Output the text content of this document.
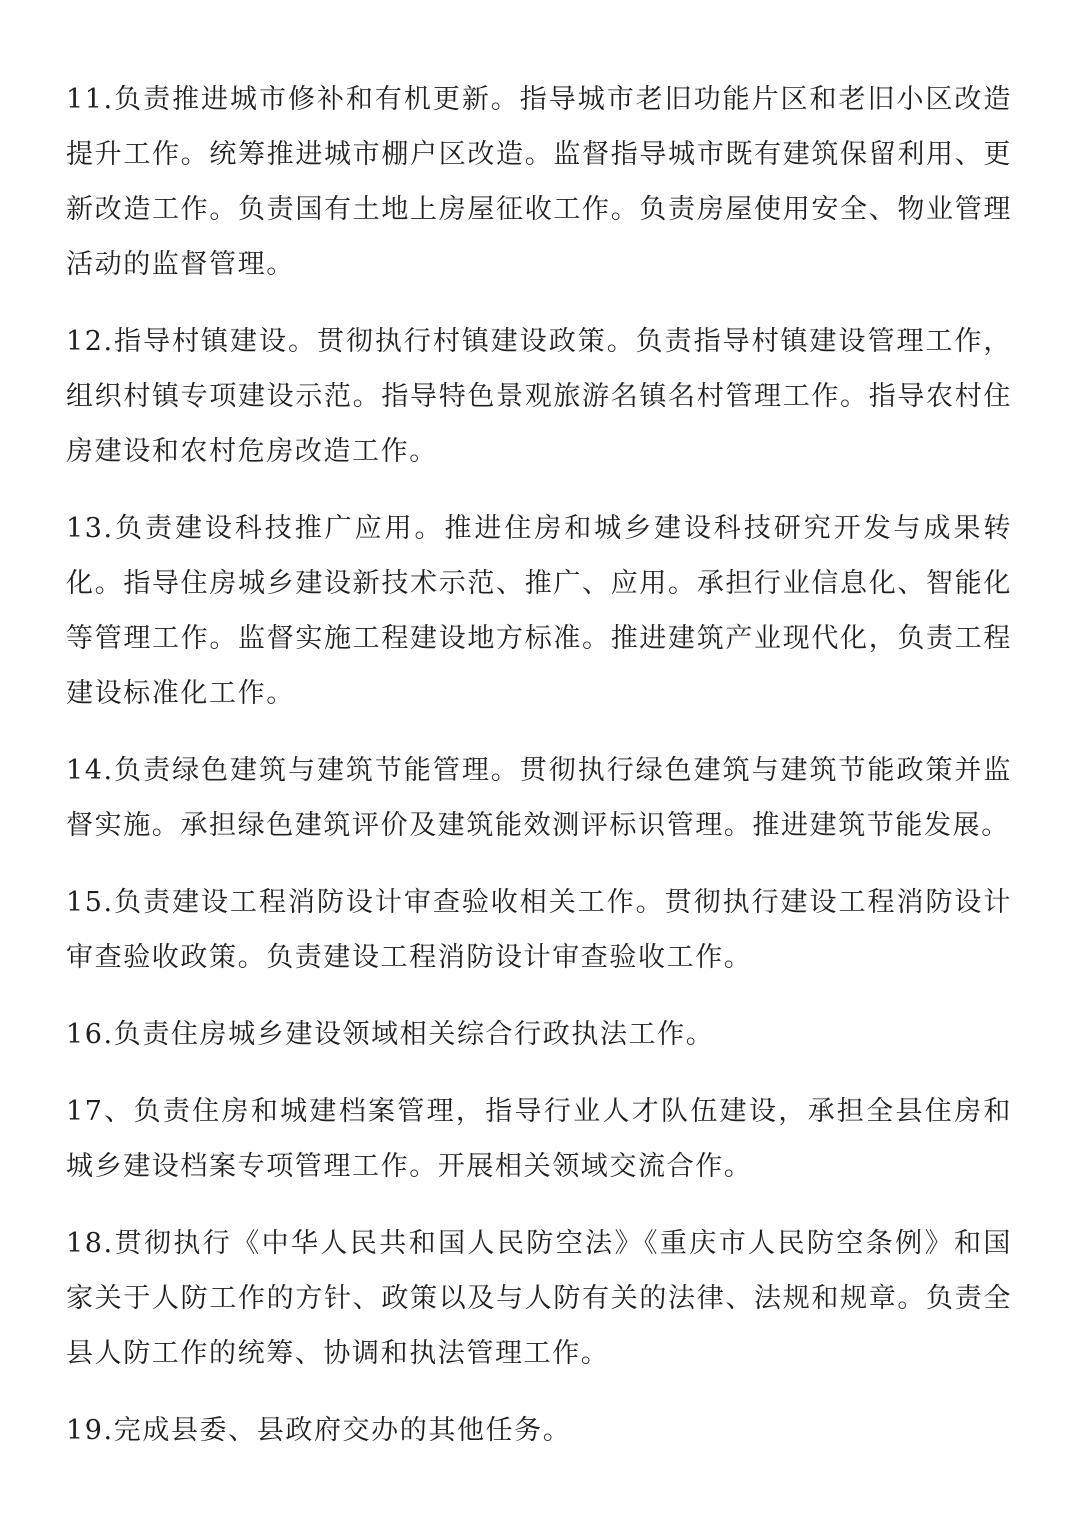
11.负责推进城市修补和有机更新。指导城市老旧功能片区和老旧小区改造提升工作。统筹推进城市棚户区改造。监督指导城市既有建筑保留利用、更新改造工作。负责国有土地上房屋征收工作。负责房屋使用安全、物业管理活动的监督管理。

12.指导村镇建设。贯彻执行村镇建设政策。负责指导村镇建设管理工作，组织村镇专项建设示范。指导特色景观旅游名镇名村管理工作。指导农村住房建设和农村危房改造工作。

13.负责建设科技推广应用。推进住房和城乡建设科技研究开发与成果转化。指导住房城乡建设新技术示范、推广、应用。承担行业信息化、智能化等管理工作。监督实施工程建设地方标准。推进建筑产业现代化，负责工程建设标准化工作。

14.负责绿色建筑与建筑节能管理。贯彻执行绿色建筑与建筑节能政策并监督实施。承担绿色建筑评价及建筑能效测评标识管理。推进建筑节能发展。

15.负责建设工程消防设计审查验收相关工作。贯彻执行建设工程消防设计审查验收政策。负责建设工程消防设计审查验收工作。

16.负责住房城乡建设领域相关综合行政执法工作。

17、负责住房和城建档案管理，指导行业人才队伍建设，承担全县住房和城乡建设档案专项管理工作。开展相关领域交流合作。

18.贯彻执行《中华人民共和国人民防空法》《重庆市人民防空条例》和国家关于人防工作的方针、政策以及与人防有关的法律、法规和规章。负责全县人防工作的统筹、协调和执法管理工作。

19.完成县委、县政府交办的其他任务。
